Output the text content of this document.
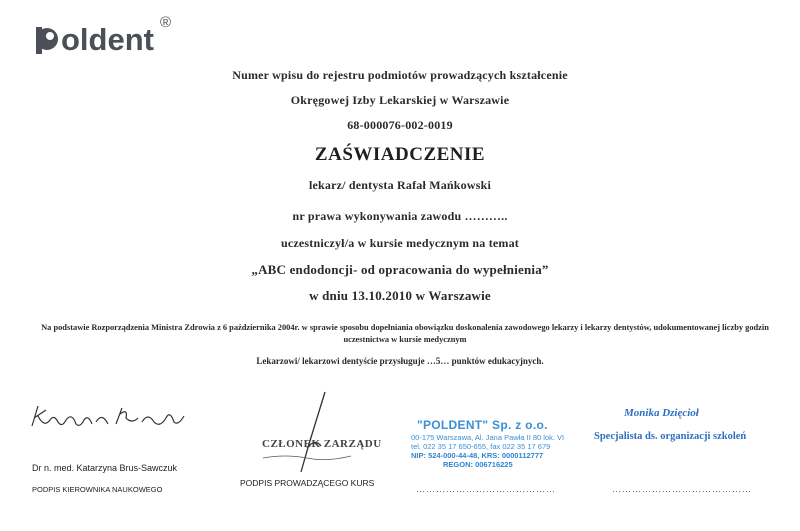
oldent ®
Numer wpisu do rejestru podmiotów prowadzących kształcenie
Okręgowej Izby Lekarskiej w Warszawie
68-000076-002-0019
ZAŚWIADCZENIE
lekarz/ dentysta Rafał Mańkowski
nr prawa wykonywania zawodu ………..
uczestniczył/a w kursie medycznym na temat
„ABC endodoncji- od opracowania do wypełnienia”
w dniu 13.10.2010 w Warszawie
Na podstawie Rozporządzenia Ministra Zdrowia z 6 października 2004r. w sprawie sposobu dopełniania obowiązku doskonalenia zawodowego lekarzy i lekarzy dentystów, udokumentowanej liczby godzin uczestnictwa w kursie medycznym
Lekarzowi/ lekarzowi dentyście przysługuje …5… punktów edukacyjnych.
Katarzyna Brus-Sawczuk
Dr n. med. Katarzyna Brus-Sawczuk
PODPIS KIEROWNIKA NAUKOWEGO
CZŁONEK ZARZĄDU
PODPIS PROWADZĄCEGO KURS
"POLDENT" Sp. z o.o.
00-175 Warszawa, Al. Jana Pawła II 80 lok. VI
tel. 022 35 17 650-655, fax 022 35 17 679
NIP: 524-000-44-48, KRS: 0000112777
REGON: 006716225
……………………………………
Monika Dzięcioł
Specjalista ds. organizacji szkoleń
……………………………………
